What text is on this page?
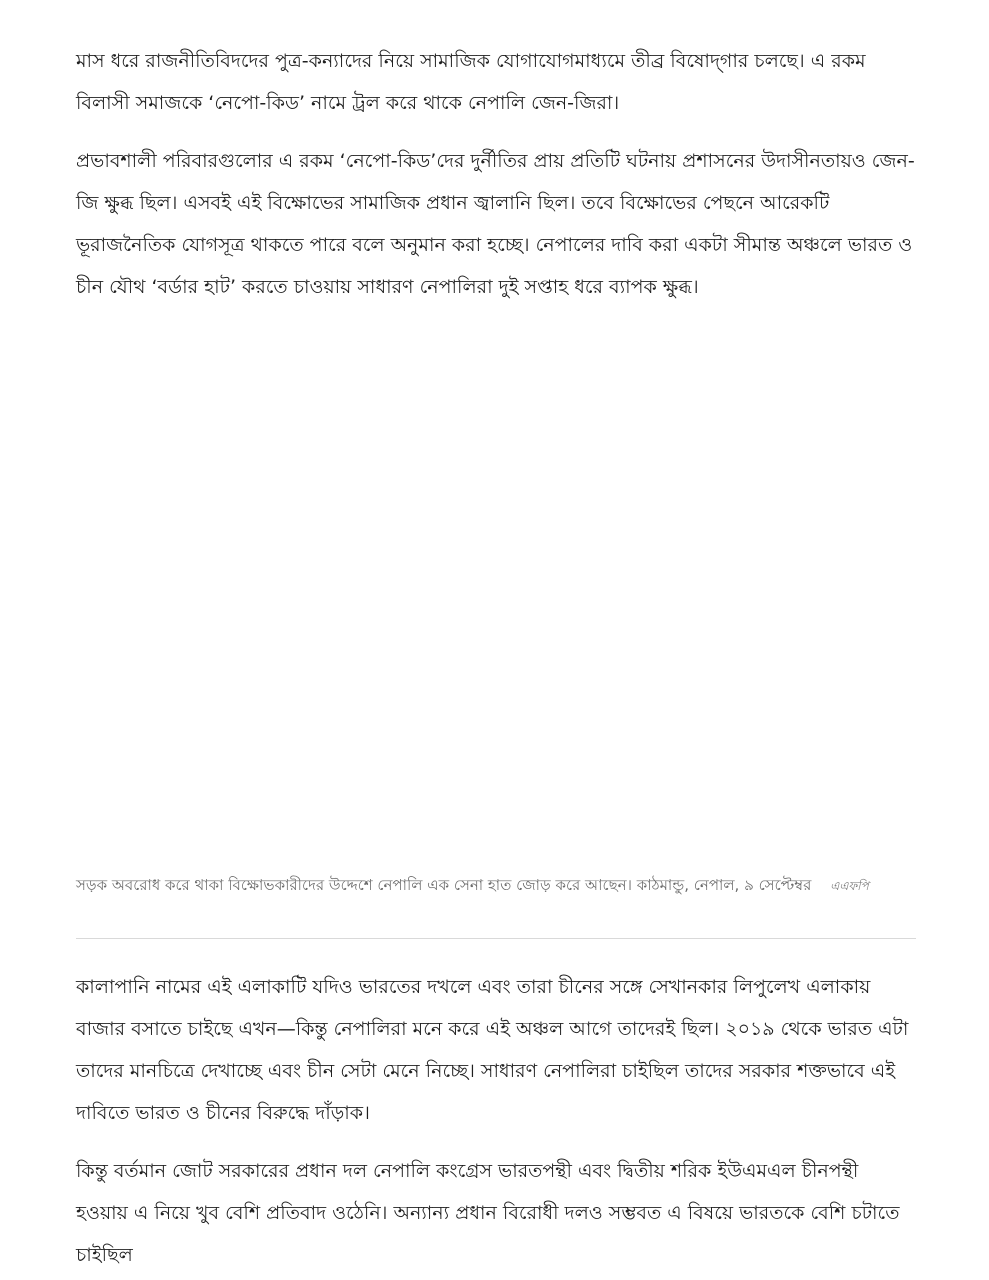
মাস ধরে রাজনীতিবিদদের পুত্র-কন্যাদের নিয়ে সামাজিক যোগাযোগমাধ্যমে তীব্র বিষোদ্‌গার চলছে। এ রকম বিলাসী সমাজকে ‘নেপো-কিড’ নামে ট্রল করে থাকে নেপালি জেন-জিরা।

প্রভাবশালী পরিবারগুলোর এ রকম ‘নেপো-কিড’দের দুর্নীতির প্রায় প্রতিটি ঘটনায় প্রশাসনের উদাসীনতায়ও জেন-জি ক্ষুব্ধ ছিল। এসবই এই বিক্ষোভের সামাজিক প্রধান জ্বালানি ছিল। তবে বিক্ষোভের পেছনে আরেকটি ভূরাজনৈতিক যোগসূত্র থাকতে পারে বলে অনুমান করা হচ্ছে। নেপালের দাবি করা একটা সীমান্ত অঞ্চলে ভারত ও চীন যৌথ ‘বর্ডার হাট’ করতে চাওয়ায় সাধারণ নেপালিরা দুই সপ্তাহ ধরে ব্যাপক ক্ষুব্ধ।

সড়ক অবরোধ করে থাকা বিক্ষোভকারীদের উদ্দেশে নেপালি এক সেনা হাত জোড় করে আছেন। কাঠমান্ডু, নেপাল, ৯ সেপ্টেম্বর এএফপি

কালাপানি নামের এই এলাকাটি যদিও ভারতের দখলে এবং তারা চীনের সঙ্গে সেখানকার লিপুলেখ এলাকায় বাজার বসাতে চাইছে এখন—কিন্তু নেপালিরা মনে করে এই অঞ্চল আগে তাদেরই ছিল। ২০১৯ থেকে ভারত এটা তাদের মানচিত্রে দেখাচ্ছে এবং চীন সেটা মেনে নিচ্ছে। সাধারণ নেপালিরা চাইছিল তাদের সরকার শক্তভাবে এই দাবিতে ভারত ও চীনের বিরুদ্ধে দাঁড়াক।

কিন্তু বর্তমান জোট সরকারের প্রধান দল নেপালি কংগ্রেস ভারতপন্থী এবং দ্বিতীয় শরিক ইউএমএল চীনপন্থী হওয়ায় এ নিয়ে খুব বেশি প্রতিবাদ ওঠেনি। অন্যান্য প্রধান বিরোধী দলও সম্ভবত এ বিষয়ে ভারতকে বেশি চটাতে চাইছিল
